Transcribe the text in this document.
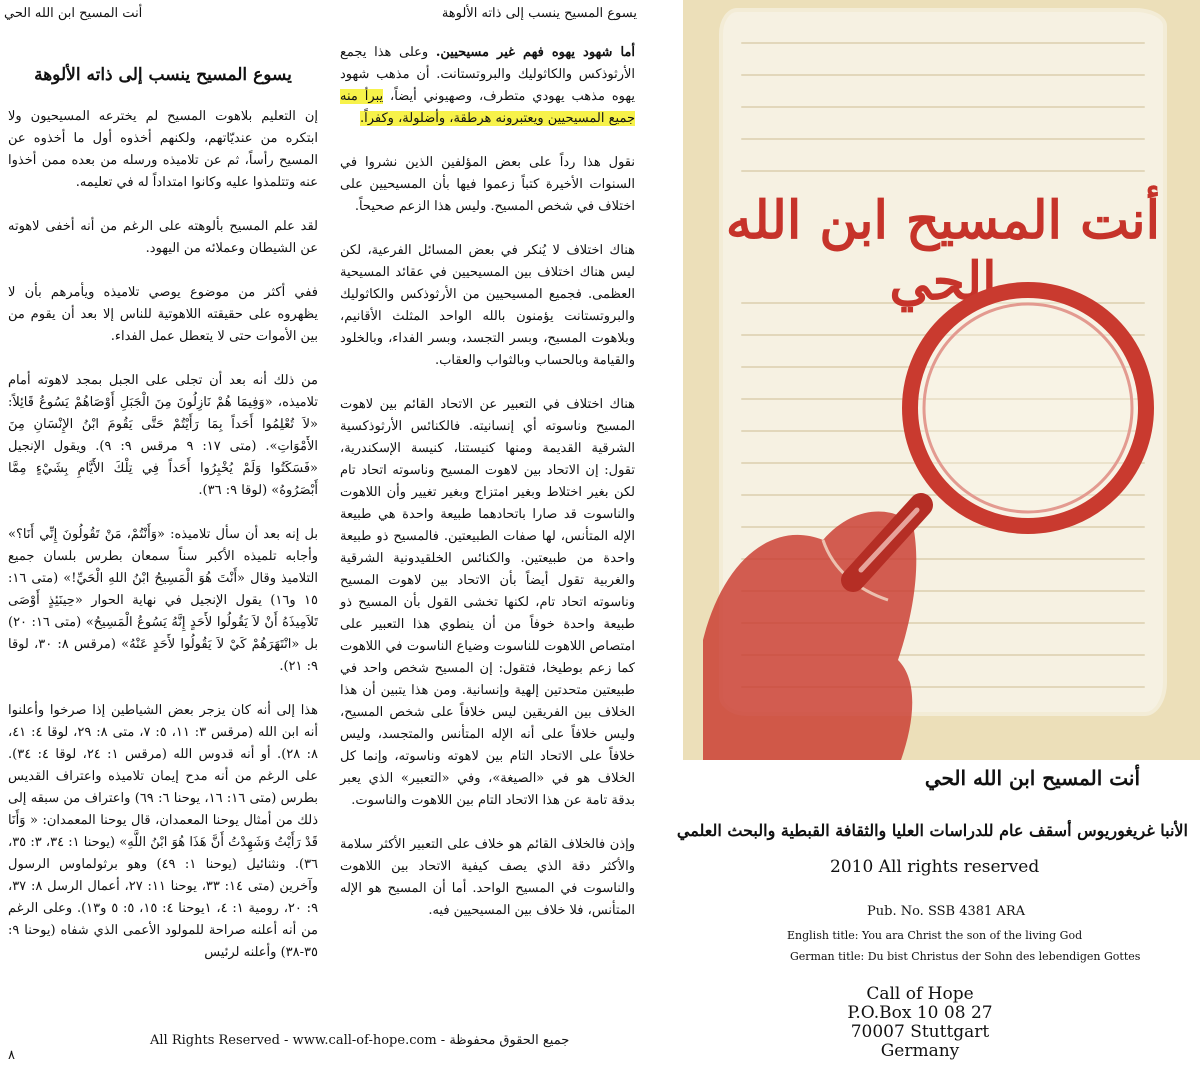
أنت المسيح ابن الله الحي	يسوع المسيح ينسب إلى ذاته الألوهة

أما شهود يهوه فهم غير مسيحيين. وعلى هذا يجمع الأرثوذكس والكاثوليك والبروتستانت. أن مذهب شهود يهوه مذهب يهودي متطرف، وصهيوني أيضاً، يبرأ منه جميع المسيحيين ويعتبرونه هرطقة، وأضلولة، وكفراً.

نقول هذا رداً على بعض المؤلفين الذين نشروا في السنوات الأخيرة كتباً زعموا فيها بأن المسيحيين على اختلاف في شخص المسيح. وليس هذا الزعم صحيحاً.

هناك اختلاف لا يُنكر في بعض المسائل الفرعية، لكن ليس هناك اختلاف بين المسيحيين في عقائد المسيحية العظمى. فجميع المسيحيين من الأرثوذكس والكاثوليك والبروتستانت يؤمنون بالله الواحد المثلث الأقانيم، وبلاهوت المسيح، وبسر التجسد، وبسر الفداء، وبالخلود والقيامة وبالحساب وبالثواب والعقاب.

هناك اختلاف في التعبير عن الاتحاد القائم بين لاهوت المسيح وناسوته أي إنسانيته. فالكنائس الأرثوذكسية الشرقية القديمة ومنها كنيستنا، كنيسة الإسكندرية، تقول: إن الاتحاد بين لاهوت المسيح وناسوته اتحاد تام لكن بغير اختلاط وبغير امتزاج وبغير تغيير وأن اللاهوت والناسوت قد صارا باتحادهما طبيعة واحدة هي طبيعة الإله المتأنس، لها صفات الطبيعتين. فالمسيح ذو طبيعة واحدة من طبيعتين. والكنائس الخلقيدونية الشرقية والغربية تقول أيضاً بأن الاتحاد بين لاهوت المسيح وناسوته اتحاد تام، لكنها تخشى القول بأن المسيح ذو طبيعة واحدة خوفاً من أن ينطوي هذا التعبير على امتصاص اللاهوت للناسوت وضياع الناسوت في اللاهوت كما زعم بوطيخا، فتقول: إن المسيح شخص واحد في طبيعتين متحدتين إلهية وإنسانية. ومن هذا يتبين أن هذا الخلاف بين الفريقين ليس خلافاً على شخص المسيح، وليس خلافاً على أنه الإله المتأنس والمتجسد، وليس خلافاً على الاتحاد التام بين لاهوته وناسوته، وإنما كل الخلاف هو في «الصيغة»، وفي «التعبير» الذي يعبر بدقة تامة عن هذا الاتحاد التام بين اللاهوت والناسوت.

وإذن فالخلاف القائم هو خلاف على التعبير الأكثر سلامة والأكثر دقة الذي يصف كيفية الاتحاد بين اللاهوت والناسوت في المسيح الواحد. أما أن المسيح هو الإله المتأنس، فلا خلاف بين المسيحيين فيه.

يسوع المسيح ينسب إلى ذاته الألوهة

إن التعليم بلاهوت المسيح لم يخترعه المسيحيون ولا ابتكره من عنديّاتهم، ولكنهم أخذوه أول ما أخذوه عن المسيح رأساً، ثم عن تلاميذه ورسله من بعده ممن أخذوا عنه وتتلمذوا عليه وكانوا امتداداً له في تعليمه.

لقد علم المسيح بألوهته على الرغم من أنه أخفى لاهوته عن الشيطان وعملائه من اليهود.

ففي أكثر من موضوع يوصي تلاميذه ويأمرهم بأن لا يظهروه على حقيقته اللاهوتية للناس إلا بعد أن يقوم من بين الأموات حتى لا يتعطل عمل الفداء.

من ذلك أنه بعد أن تجلى على الجبل بمجد لاهوته أمام تلاميذه، «وَفِيمَا هُمْ نَازِلُونَ مِنَ الْجَبَلِ أَوْصَاهُمْ يَسُوعُ قَائِلاً: «لاَ تُعْلِمُوا أَحَداً بِمَا رَأَيْتُمْ حَتَّى يَقُومَ ابْنُ الإِنْسَانِ مِنَ الأَمْوَاتِ». (متى ١٧: ٩ مرقس ٩: ٩). ويقول الإنجيل «فَسَكَتُوا وَلَمْ يُخْبِرُوا أَحَداً فِي تِلْكَ الأَيَّامِ بِشَيْءٍ مِمَّا أَبْصَرُوهُ» (لوقا ٩: ٣٦).

بل إنه بعد أن سأل تلاميذه: «وَأَنْتُمْ، مَنْ تَقُولُونَ إِنِّي أَنَا؟» وأجابه تلميذه الأكبر سناً سمعان بطرس بلسان جميع التلاميذ وقال «أَنْتَ هُوَ الْمَسِيحُ ابْنُ اللهِ الْحَيِّ!» (متى ١٦: ١٥ و١٦) يقول الإنجيل في نهاية الحوار «حِينَئِذٍ أَوْصَى تَلاَمِيذَهُ أَنْ لاَ يَقُولُوا لأَحَدٍ إِنَّهُ يَسُوعُ الْمَسِيحُ» (متى ١٦: ٢٠) بل «انْتَهَرَهُمْ كَيْ لاَ يَقُولُوا لأَحَدٍ عَنْهُ» (مرقس ٨: ٣٠، لوقا ٩: ٢١).

هذا إلى أنه كان يزجر بعض الشياطين إذا صرخوا وأعلنوا أنه ابن الله (مرقس ٣: ١١، ٥: ٧، متى ٨: ٢٩، لوقا ٤: ٤١، ٨: ٢٨). أو أنه قدوس الله (مرقس ١: ٢٤، لوقا ٤: ٣٤). على الرغم من أنه مدح إيمان تلاميذه واعتراف القديس بطرس (متى ١٦: ١٦، يوحنا ٦: ٦٩) واعتراف من سبقه إلى ذلك من أمثال يوحنا المعمدان، قال يوحنا المعمدان: « وَأَنَا قَدْ رَأَيْتُ وَشَهِدْتُ أَنَّ هَذَا هُوَ ابْنُ اللَّهِ» (يوحنا ١: ٣٤، ٣: ٣٥، ٣٦). ونثنائيل (يوحنا ١: ٤٩) وهو برثولماوس الرسول وآخرين (متى ١٤: ٣٣، يوحنا ١١: ٢٧، أعمال الرسل ٨: ٣٧، ٩: ٢٠، رومية ١: ٤، ١يوحنا ٤: ١٥، ٥: ٥ و١٣). وعلى الرغم من أنه أعلنه صراحة للمولود الأعمى الذي شفاه (يوحنا ٩: ٣٥-٣٨) وأعلنه لرئيس

All Rights Reserved - www.call-of-hope.com - جميع الحقوق محفوظة
٨
أنت المسيح ابن الله الحي
أنت المسيح ابن الله الحي
الأنبا غريغوريوس أسقف عام للدراسات العليا والثقافة القبطية والبحث العلمي
2010 All rights reserved
Pub. No. SSB 4381 ARA
English title: You ara Christ the son of the living God
German title: Du bist Christus der Sohn des lebendigen Gottes
Call of Hope
P.O.Box 10 08 27
70007 Stuttgart
Germany
